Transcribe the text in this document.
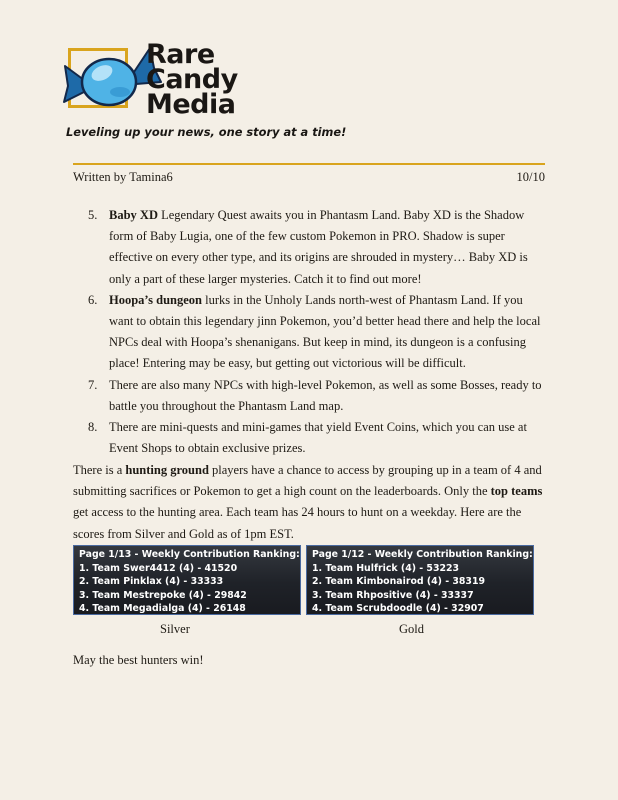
Rare
Candy
Media
Leveling up your news, one story at a time!
Written by Tamina6	10/10
5. Baby XD Legendary Quest awaits you in Phantasm Land. Baby XD is the Shadow form of Baby Lugia, one of the few custom Pokemon in PRO. Shadow is super effective on every other type, and its origins are shrouded in mystery… Baby XD is only a part of these larger mysteries. Catch it to find out more!
6. Hoopa’s dungeon lurks in the Unholy Lands north-west of Phantasm Land. If you want to obtain this legendary jinn Pokemon, you’d better head there and help the local NPCs deal with Hoopa’s shenanigans. But keep in mind, its dungeon is a confusing place! Entering may be easy, but getting out victorious will be difficult.
7. There are also many NPCs with high-level Pokemon, as well as some Bosses, ready to battle you throughout the Phantasm Land map.
8. There are mini-quests and mini-games that yield Event Coins, which you can use at Event Shops to obtain exclusive prizes.

There is a hunting ground players have a chance to access by grouping up in a team of 4 and submitting sacrifices or Pokemon to get a high count on the leaderboards. Only the top teams get access to the hunting area. Each team has 24 hours to hunt on a weekday. Here are the scores from Silver and Gold as of 1pm EST.

Page 1/13 - Weekly Contribution Ranking:
1. Team Swer4412 (4) - 41520
2. Team Pinklax (4) - 33333
3. Team Mestrepoke (4) - 29842
4. Team Megadialga (4) - 26148
Page 1/12 - Weekly Contribution Ranking:
1. Team Hulfrick (4) - 53223
2. Team Kimbonairod (4) - 38319
3. Team Rhpositive (4) - 33337
4. Team Scrubdoodle (4) - 32907
Silver	Gold
May the best hunters win!
